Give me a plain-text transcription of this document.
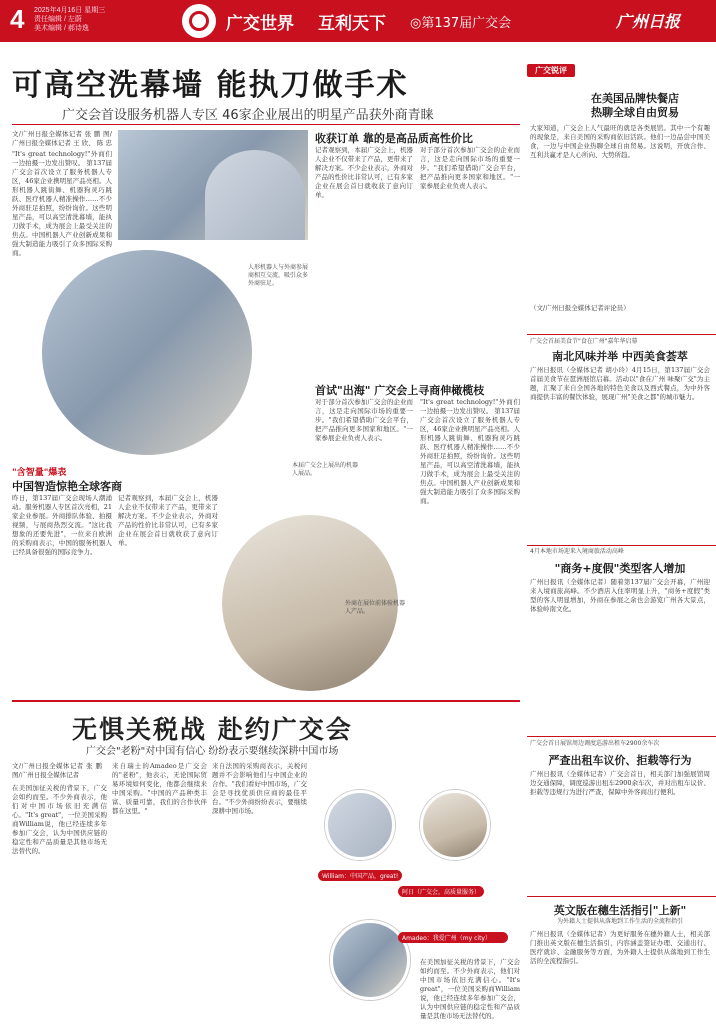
4 2025年4月16日 星期三
责任编辑 / 左蔚
美术编辑 / 郝诗逸	广交世界 互利天下 ◎第137届广交会	广州日报
可高空洗幕墙 能执刀做手术
广交会首设服务机器人专区 46家企业展出的明星产品获外商青睐
文/广州日报全媒体记者 张 鹏 图/广州日报全媒体记者 王 欣、 陈 忠
"It's great technology!"外商们一边拍摄一边发出赞叹。 第137届广交会首次设立了服务机器人专区，46家企业携明星产品亮相。人形机器人跳街舞、机器狗灵巧跳跃、医疗机器人精准操作……不少外商驻足拍照，纷纷询价。这些明星产品，可以高空清洗幕墙，能执刀做手术，成为展会上最受关注的焦点。中国机器人产业创新成果和强大制造能力吸引了众多国际采购商。
人形机器人与外商参展商相互交流，吸引众多外商驻足。
"含智量"爆表
中国智造惊艳全球客商
昨日，第137届广交会现场人潮涌动。服务机器人专区首次亮相，21家企业参展。外商排队体验、拍摄视频，与展商热烈交流。"这比我想象的还要先进"，一位来自欧洲的采购商表示，中国的服务机器人已经具备很强的国际竞争力。
记者观察到，本届广交会上，机器人企业不仅带来了产品，更带来了解决方案。不少企业表示，外商对产品的性价比非常认可，已有多家企业在展会首日就收获了意向订单。
本届广交会上展出的机器人展品。
收获订单 靠的是高品质高性价比
记者观察到，本届广交会上，机器人企业不仅带来了产品，更带来了解决方案。不少企业表示，外商对产品的性价比非常认可，已有多家企业在展会首日就收获了意向订单。
对于部分首次参加广交会的企业而言，这是走向国际市场的重要一步。"我们希望借助广交会平台，把产品推向更多国家和地区。"一家参展企业负责人表示。
首试"出海" 广交会上寻商伸橄榄枝
对于部分首次参加广交会的企业而言，这是走向国际市场的重要一步。"我们希望借助广交会平台，把产品推向更多国家和地区。"一家参展企业负责人表示。
"It's great technology!"外商们一边拍摄一边发出赞叹。 第137届广交会首次设立了服务机器人专区，46家企业携明星产品亮相。人形机器人跳街舞、机器狗灵巧跳跃、医疗机器人精准操作……不少外商驻足拍照，纷纷询价。这些明星产品，可以高空清洗幕墙，能执刀做手术，成为展会上最受关注的焦点。中国机器人产业创新成果和强大制造能力吸引了众多国际采购商。
外商在展位前体验机器人产品。
广交锐评
在美国品牌快餐店
热聊全球自由贸易
大家知道，广交会上人气最旺的就是各类展馆。其中一个有趣的现象是，来自美国的采购商依旧活跃。他们一边品尝中国美食，一边与中国企业热聊全球自由贸易。这说明，开放合作、互利共赢才是人心所向、大势所趋。
（文/广州日报全媒体记者评论员）
广交会首届美食节"食在广州"嘉年华启幕
南北风味并举 中西美食荟萃
广州日报讯（全媒体记者 胡小玲）4月15日，第137届广交会首届美食节在琶洲展馆启幕。活动以"食在广州 味聚广交"为主题，汇聚了来自全国各地的特色美食以及西式餐点，为中外客商提供丰富的餐饮体验，展现广州"美食之都"的城市魅力。
4月本地市场迎来入境商旅活动高峰
"商务+度假"类型客人增加
广州日报讯（全媒体记者）随着第137届广交会开幕，广州迎来入境商旅高峰。不少酒店入住率明显上升，"商务+度假"类型的客人明显增加，外商在参展之余也会游览广州各大景点，体验岭南文化。
广交会首日展馆周边调度巡游出租车2900余车次
严查出租车议价、拒载等行为
广州日报讯（全媒体记者）广交会首日，相关部门加强展馆周边交通保障，调度巡游出租车2900余车次，并对出租车议价、拒载等违规行为进行严查，保障中外客商出行便利。
英文版在穗生活指引"上新"
为外籍人士提供从落地到工作生活的全流程指引
广州日报讯（全媒体记者）为更好服务在穗外籍人士，相关部门推出英文版在穗生活指引，内容涵盖签证办理、交通出行、医疗就诊、金融服务等方面，为外籍人士提供从落地到工作生活的全流程指引。
无惧关税战 赴约广交会
广交会"老粉"对中国有信心 纷纷表示要继续深耕中国市场
文/广州日报全媒体记者 张 鹏 图/广州日报全媒体记者
在美国加征关税的背景下，广交会如约而至。不少外商表示，他们对中国市场依旧充满信心。"It's great"，一位美国采购商William说，他已经连续多年参加广交会，认为中国供应链的稳定性和产品质量是其他市场无法替代的。
来自瑞士的Amadeo是广交会的"老粉"，他表示，无论国际贸易环境如何变化，他都会继续来中国采购。"中国的产品种类丰富、质量可靠，我们的合作伙伴都在这里。"
来自法国的采购商表示，关税问题并不会影响他们与中国企业的合作。"我们看好中国市场，广交会是寻找优质供应商的最佳平台。"不少外商纷纷表示，要继续深耕中国市场。
William：中国产品，great!
阿日（广交会，高质量服务）
Amadeo：我爱广州（my city）
在美国加征关税的背景下，广交会如约而至。不少外商表示，他们对中国市场依旧充满信心。"It's great"，一位美国采购商William说，他已经连续多年参加广交会，认为中国供应链的稳定性和产品质量是其他市场无法替代的。
